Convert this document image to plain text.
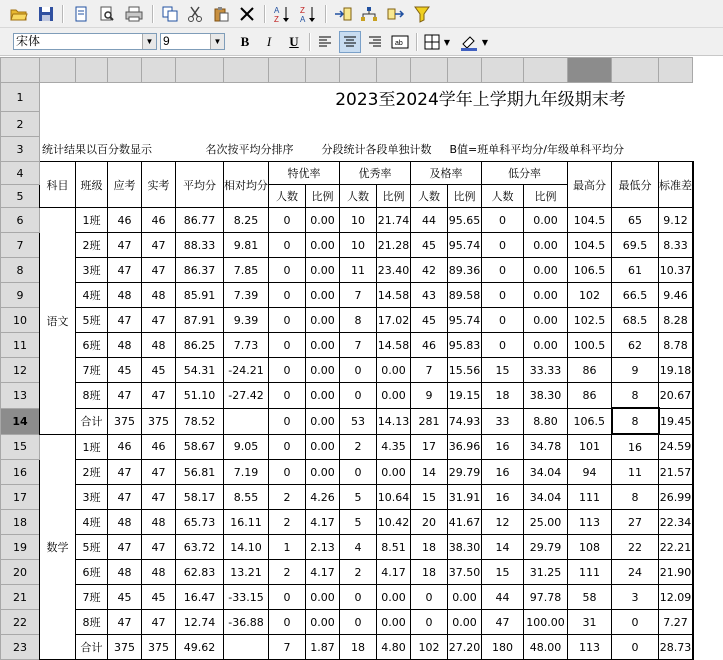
A
Z
Z
A
宋体	▼ 9	▼	B	I	U	ab	▼	▼

1							2023至2024学年上学期九年级期末考											
2																		
3	统计结果以百分数显示				名次按平均分排序			分段统计各段单独计数				B值=班单科平均分/年级单科平均分						
4	科目	班级	应考	实考	平均分	相对均分	特优率		优秀率		及格率		低分率		最高分	最低分	标准差	
5							人数	比例	人数	比例	人数	比例	人数	比例				
6	语文	1班	46	46	86.77	8.25	0	0.00	10	21.74	44	95.65	0	0.00	104.5	65	9.12	
7		2班	47	47	88.33	9.81	0	0.00	10	21.28	45	95.74	0	0.00	104.5	69.5	8.33	
8		3班	47	47	86.37	7.85	0	0.00	11	23.40	42	89.36	0	0.00	106.5	61	10.37	
9		4班	48	48	85.91	7.39	0	0.00	7	14.58	43	89.58	0	0.00	102	66.5	9.46	
10		5班	47	47	87.91	9.39	0	0.00	8	17.02	45	95.74	0	0.00	102.5	68.5	8.28	
11		6班	48	48	86.25	7.73	0	0.00	7	14.58	46	95.83	0	0.00	100.5	62	8.78	
12		7班	45	45	54.31	-24.21	0	0.00	0	0.00	7	15.56	15	33.33	86	9	19.18	
13		8班	47	47	51.10	-27.42	0	0.00	0	0.00	9	19.15	18	38.30	86	8	20.67	
14		合计	375	375	78.52		0	0.00	53	14.13	281	74.93	33	8.80	106.5	8	19.45	
15	数学	1班	46	46	58.67	9.05	0	0.00	2	4.35	17	36.96	16	34.78	101	16	24.59	
16		2班	47	47	56.81	7.19	0	0.00	0	0.00	14	29.79	16	34.04	94	11	21.57	
17		3班	47	47	58.17	8.55	2	4.26	5	10.64	15	31.91	16	34.04	111	8	26.99	
18		4班	48	48	65.73	16.11	2	4.17	5	10.42	20	41.67	12	25.00	113	27	22.34	
19		5班	47	47	63.72	14.10	1	2.13	4	8.51	18	38.30	14	29.79	108	22	22.21	
20		6班	48	48	62.83	13.21	2	4.17	2	4.17	18	37.50	15	31.25	111	24	21.90	
21		7班	45	45	16.47	-33.15	0	0.00	0	0.00	0	0.00	44	97.78	58	3	12.09	
22		8班	47	47	12.74	-36.88	0	0.00	0	0.00	0	0.00	47	100.00	31	0	7.27	
23		合计	375	375	49.62		7	1.87	18	4.80	102	27.20	180	48.00	113	0	28.73	
